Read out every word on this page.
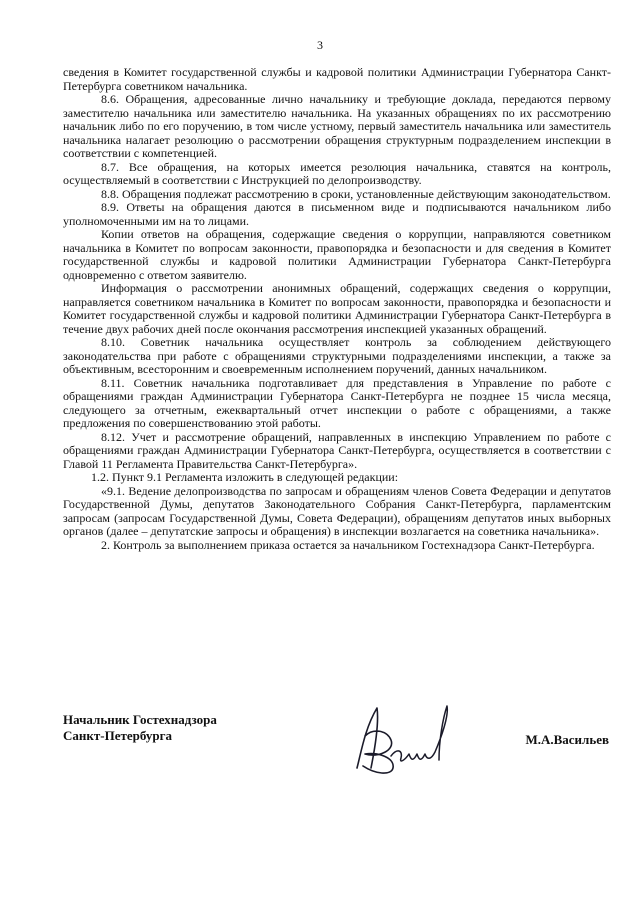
3

сведения в Комитет государственной службы и кадровой политики Администрации Губернатора Санкт-Петербурга советником начальника.

8.6. Обращения, адресованные лично начальнику и требующие доклада, передаются первому заместителю начальника или заместителю начальника. На указанных обращениях по их рассмотрению начальник либо по его поручению, в том числе устному, первый заместитель начальника или заместитель начальника налагает резолюцию о рассмотрении обращения структурным подразделением инспекции в соответствии с компетенцией.

8.7. Все обращения, на которых имеется резолюция начальника, ставятся на контроль, осуществляемый в соответствии с Инструкцией по делопроизводству.

8.8. Обращения подлежат рассмотрению в сроки, установленные действующим законодательством.

8.9. Ответы на обращения даются в письменном виде и подписываются начальником либо уполномоченными им на то лицами.

Копии ответов на обращения, содержащие сведения о коррупции, направляются советником начальника в Комитет по вопросам законности, правопорядка и безопасности и для сведения в Комитет государственной службы и кадровой политики Администрации Губернатора Санкт-Петербурга одновременно с ответом заявителю.

Информация о рассмотрении анонимных обращений, содержащих сведения о коррупции, направляется советником начальника в Комитет по вопросам законности, правопорядка и безопасности и Комитет государственной службы и кадровой политики Администрации Губернатора Санкт-Петербурга в течение двух рабочих дней после окончания рассмотрения инспекцией указанных обращений.

8.10. Советник начальника осуществляет контроль за соблюдением действующего законодательства при работе с обращениями структурными подразделениями инспекции, а также за объективным, всесторонним и своевременным исполнением поручений, данных начальником.

8.11. Советник начальника подготавливает для представления в Управление по работе с обращениями граждан Администрации Губернатора Санкт-Петербурга не позднее 15 числа месяца, следующего за отчетным, ежеквартальный отчет инспекции о работе с обращениями, а также предложения по совершенствованию этой работы.

8.12. Учет и рассмотрение обращений, направленных в инспекцию Управлением по работе с обращениями граждан Администрации Губернатора Санкт-Петербурга, осуществляется в соответствии с Главой 11 Регламента Правительства Санкт-Петербурга».

1.2. Пункт 9.1 Регламента изложить в следующей редакции:

«9.1. Ведение делопроизводства по запросам и обращениям членов Совета Федерации и депутатов Государственной Думы, депутатов Законодательного Собрания Санкт-Петербурга, парламентским запросам (запросам Государственной Думы, Совета Федерации), обращениям депутатов иных выборных органов (далее – депутатские запросы и обращения) в инспекции возлагается на советника начальника».

2. Контроль за выполнением приказа остается за начальником Гостехнадзора Санкт-Петербурга.

Начальник Гостехнадзора
Санкт-Петербурга	М.А.Васильев
